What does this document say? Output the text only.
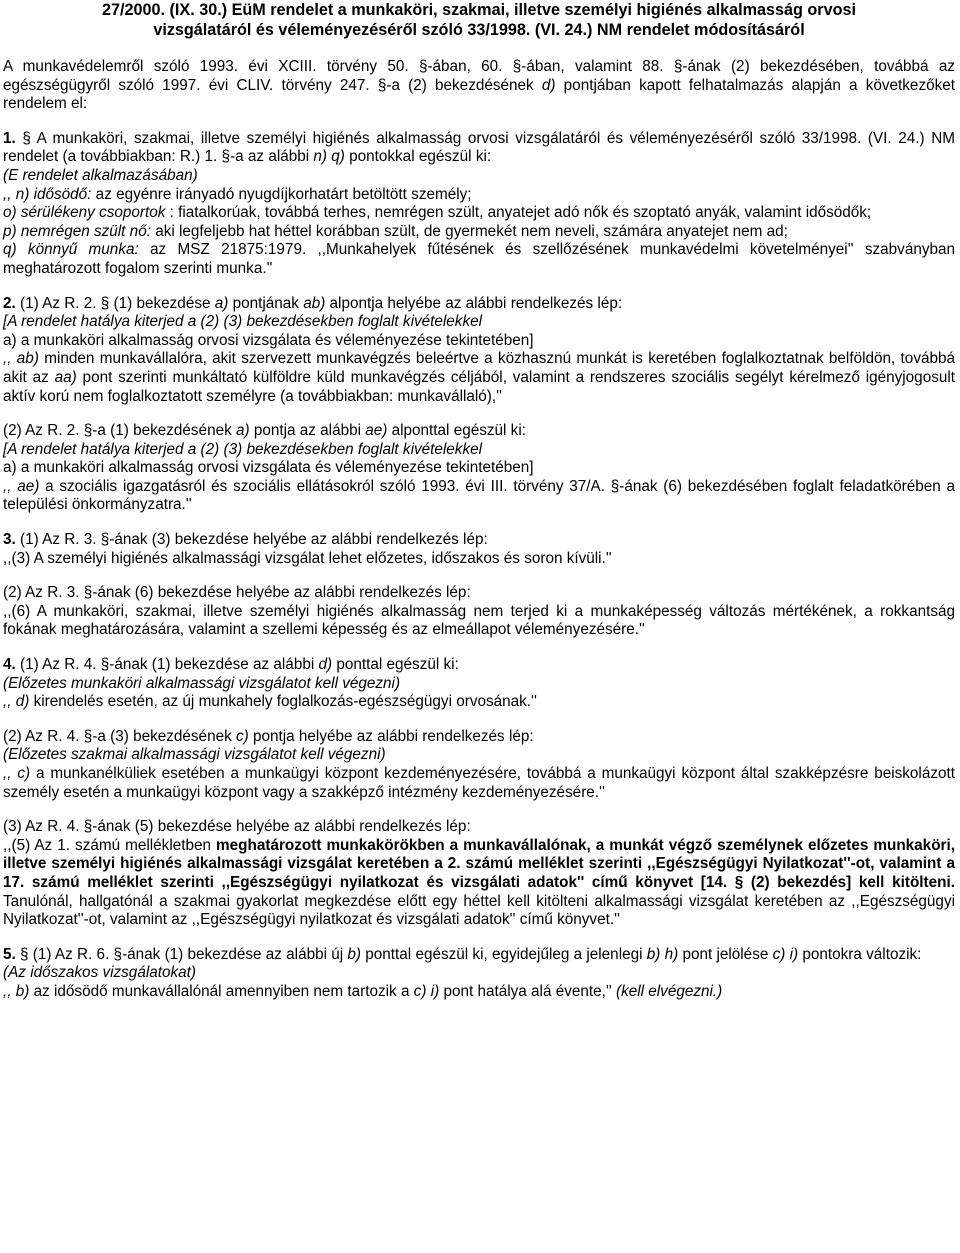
27/2000. (IX. 30.) EüM rendelet a munkaköri, szakmai, illetve személyi higiénés alkalmasság orvosi

vizsgálatáról és véleményezéséről szóló 33/1998. (VI. 24.) NM rendelet módosításáról

A munkavédelemről szóló 1993. évi XCIII. törvény 50. §-ában, 60. §-ában, valamint 88. §-ának (2) bekezdésében, továbbá az egészségügyről szóló 1997. évi CLIV. törvény 247. §-a (2) bekezdésének d) pontjában kapott felhatalmazás alapján a következőket rendelem el:

1. § A munkaköri, szakmai, illetve személyi higiénés alkalmasság orvosi vizsgálatáról és véleményezéséről szóló 33/1998. (VI. 24.) NM rendelet (a továbbiakban: R.) 1. §-a az alábbi n) q) pontokkal egészül ki:

(E rendelet alkalmazásában)

,, n) idősödő: az egyénre irányadó nyugdíjkorhatárt betöltött személy;

o) sérülékeny csoportok : fiatalkorúak, továbbá terhes, nemrégen szült, anyatejet adó nők és szoptató anyák, valamint idősödők;

p) nemrégen szült nő: aki legfeljebb hat héttel korábban szült, de gyermekét nem neveli, számára anyatejet nem ad;

q) könnyű munka: az MSZ 21875:1979. ,,Munkahelyek fűtésének és szellőzésének munkavédelmi követelményei'' szabványban meghatározott fogalom szerinti munka.''

2. (1) Az R. 2. § (1) bekezdése a) pontjának ab) alpontja helyébe az alábbi rendelkezés lép:

[A rendelet hatálya kiterjed a (2) (3) bekezdésekben foglalt kivételekkel

a) a munkaköri alkalmasság orvosi vizsgálata és véleményezése tekintetében]

,, ab) minden munkavállalóra, akit szervezett munkavégzés beleértve a közhasznú munkát is keretében foglalkoztatnak belföldön, továbbá akit az aa) pont szerinti munkáltató külföldre küld munkavégzés céljából, valamint a rendszeres szociális segélyt kérelmező igényjogosult aktív korú nem foglalkoztatott személyre (a továbbiakban: munkavállaló),''

(2) Az R. 2. §-a (1) bekezdésének a) pontja az alábbi ae) alponttal egészül ki:

[A rendelet hatálya kiterjed a (2) (3) bekezdésekben foglalt kivételekkel

a) a munkaköri alkalmasság orvosi vizsgálata és véleményezése tekintetében]

,, ae) a szociális igazgatásról és szociális ellátásokról szóló 1993. évi III. törvény 37/A. §-ának (6) bekezdésében foglalt feladatkörében a települési önkormányzatra.''

3. (1) Az R. 3. §-ának (3) bekezdése helyébe az alábbi rendelkezés lép:

,,(3) A személyi higiénés alkalmassági vizsgálat lehet előzetes, időszakos és soron kívüli.''

(2) Az R. 3. §-ának (6) bekezdése helyébe az alábbi rendelkezés lép:

,,(6) A munkaköri, szakmai, illetve személyi higiénés alkalmasság nem terjed ki a munkaképesség változás mértékének, a rokkantság fokának meghatározására, valamint a szellemi képesség és az elmeállapot véleményezésére.''

4. (1) Az R. 4. §-ának (1) bekezdése az alábbi d) ponttal egészül ki:

(Előzetes munkaköri alkalmassági vizsgálatot kell végezni)

,, d) kirendelés esetén, az új munkahely foglalkozás-egészségügyi orvosának.''

(2) Az R. 4. §-a (3) bekezdésének c) pontja helyébe az alábbi rendelkezés lép:

(Előzetes szakmai alkalmassági vizsgálatot kell végezni)

,, c) a munkanélküliek esetében a munkaügyi központ kezdeményezésére, továbbá a munkaügyi központ által szakképzésre beiskolázott személy esetén a munkaügyi központ vagy a szakképző intézmény kezdeményezésére.''

(3) Az R. 4. §-ának (5) bekezdése helyébe az alábbi rendelkezés lép:

,,(5) Az 1. számú mellékletben meghatározott munkakörökben a munkavállalónak, a munkát végző személynek előzetes munkaköri, illetve személyi higiénés alkalmassági vizsgálat keretében a 2. számú melléklet szerinti ,,Egészségügyi Nyilatkozat''-ot, valamint a 17. számú melléklet szerinti ,,Egészségügyi nyilatkozat és vizsgálati adatok'' című könyvet [14. § (2) bekezdés] kell kitölteni. Tanulónál, hallgatónál a szakmai gyakorlat megkezdése előtt egy héttel kell kitölteni alkalmassági vizsgálat keretében az ,,Egészségügyi Nyilatkozat''-ot, valamint az ,,Egészségügyi nyilatkozat és vizsgálati adatok'' című könyvet.''

5. § (1) Az R. 6. §-ának (1) bekezdése az alábbi új b) ponttal egészül ki, egyidejűleg a jelenlegi b) h) pont jelölése c) i) pontokra változik:

(Az időszakos vizsgálatokat)

,, b) az idősödő munkavállalónál amennyiben nem tartozik a c) i) pont hatálya alá évente,'' (kell elvégezni.)
